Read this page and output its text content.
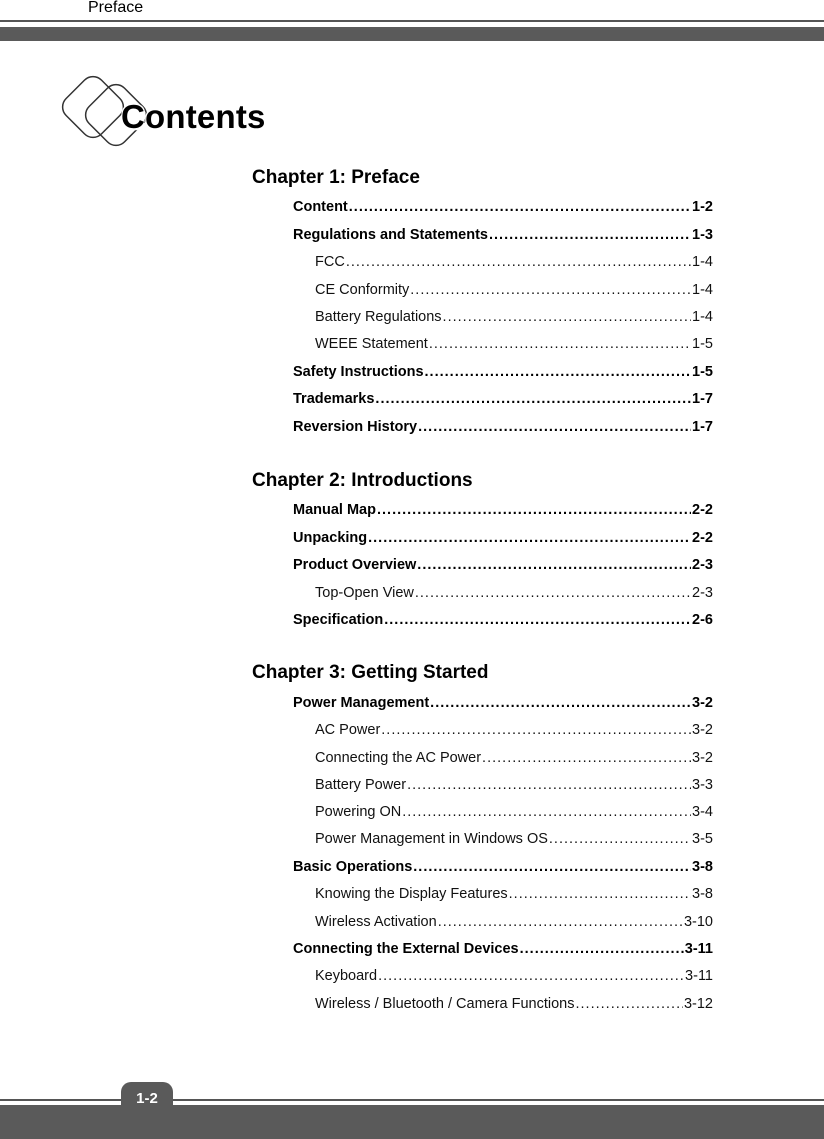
Preface
Contents
Chapter 1: Preface
Chapter 2: Introductions
Chapter 3: Getting Started
Content .....	1-2
Regulations and Statements .....	1-3
FCC .....	1-4
CE Conformity .....	1-4
Battery Regulations .....	1-4
WEEE Statement .....	1-5
Safety Instructions .....	1-5
Trademarks .....	1-7
Reversion History .....	1-7
Manual Map .....	2-2
Unpacking .....	2-2
Product Overview .....	2-3
Top-Open View .....	2-3
Specification .....	2-6
Power Management .....	3-2
AC Power .....	3-2
Connecting the AC Power .....	3-2
Battery Power .....	3-3
Powering ON .....	3-4
Power Management in Windows OS .....	3-5
Basic Operations .....	3-8
Knowing the Display Features .....	3-8
Wireless Activation .....	3-10
Connecting the External Devices .....	3-11
Keyboard .....	3-11
Wireless / Bluetooth / Camera Functions .....	3-12
1-2
